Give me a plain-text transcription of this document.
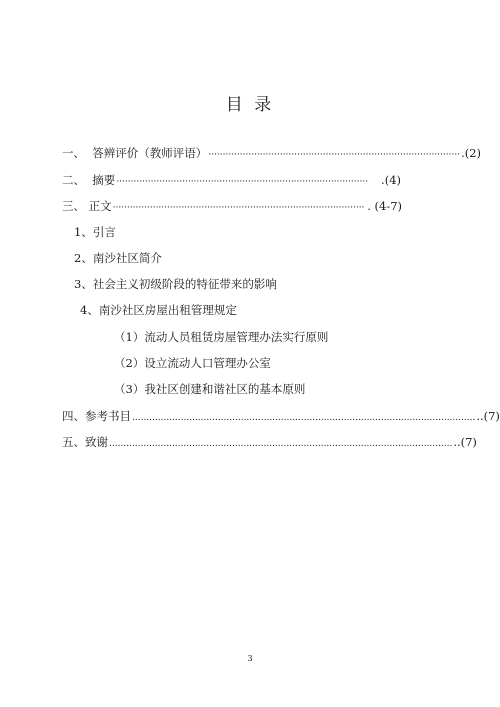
目 录
一、  答辨评价（教师评语） ························································································ .(2)
二、  摘要 ························································································	.(4)
三、 正文 ························································································ . (4-7)
1、引言
2、南沙社区简介
3、社会主义初级阶段的特征带来的影响
4、南沙社区房屋出租管理规定
（1）流动人员租赁房屋管理办法实行原则
（2）设立流动人口管理办公室
（3）我社区创建和谐社区的基本原则
四、参考书目 ........................................................................................................................ ..(7)
五、致谢 ........................................................................................................................ ..(7)
3
